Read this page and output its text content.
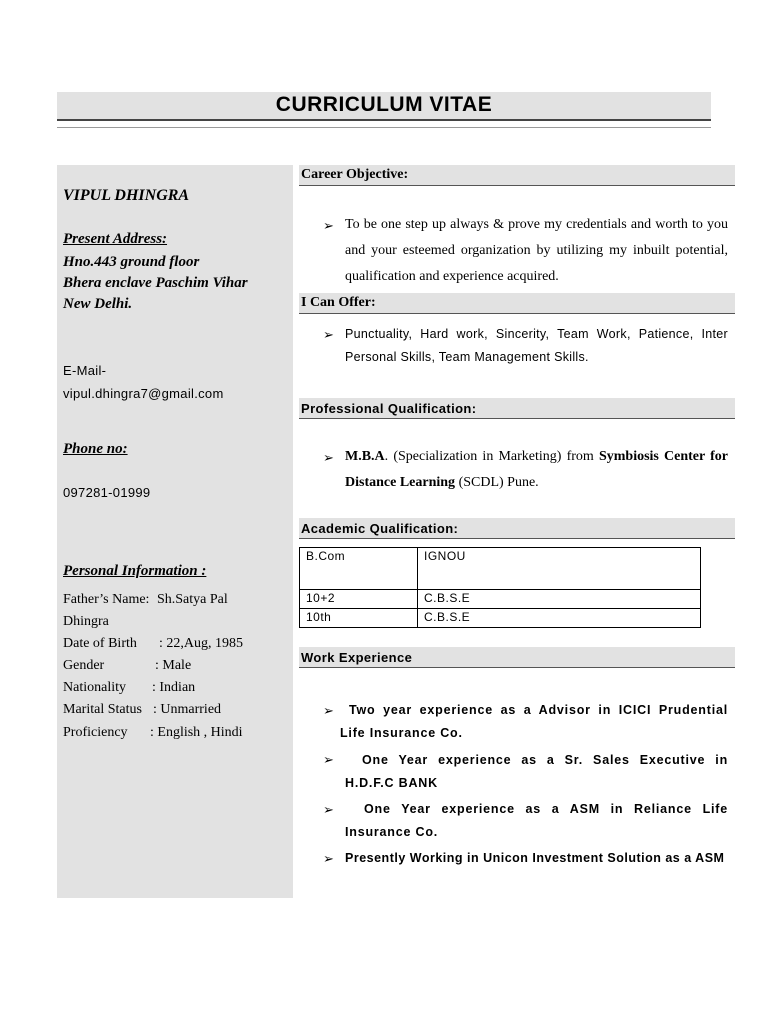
CURRICULUM VITAE
VIPUL DHINGRA
Present Address:
Hno.443 ground floor
Bhera enclave Paschim Vihar
New Delhi.
E-Mail-
vipul.dhingra7@gmail.com
Phone no:
097281-01999
Personal Information :
Father’s Name: Sh.Satya Pal
Dhingra
Date of Birth : 22,Aug, 1985
Gender	: Male
Nationality : Indian
Marital Status : Unmarried
Proficiency : English , Hindi
Career Objective:
➢ To be one step up always & prove my credentials and worth to you and your esteemed organization by utilizing my inbuilt potential, qualification and experience acquired.
I Can Offer:
➢ Punctuality, Hard work, Sincerity, Team Work, Patience, Inter Personal Skills, Team Management Skills.
Professional Qualification:
➢ M.B.A. (Specialization in Marketing) from Symbiosis Center for Distance Learning (SCDL) Pune.
Academic Qualification:
B.Com	IGNOU
10+2	C.B.S.E
10th	C.B.S.E
Work Experience
➢	Two year experience as a Advisor in ICICI Prudential Life Insurance Co.
➢	One Year experience as a Sr. Sales Executive in H.D.F.C BANK
➢	One Year experience as a ASM in Reliance Life Insurance Co.
➢ Presently Working in Unicon Investment Solution as a ASM
